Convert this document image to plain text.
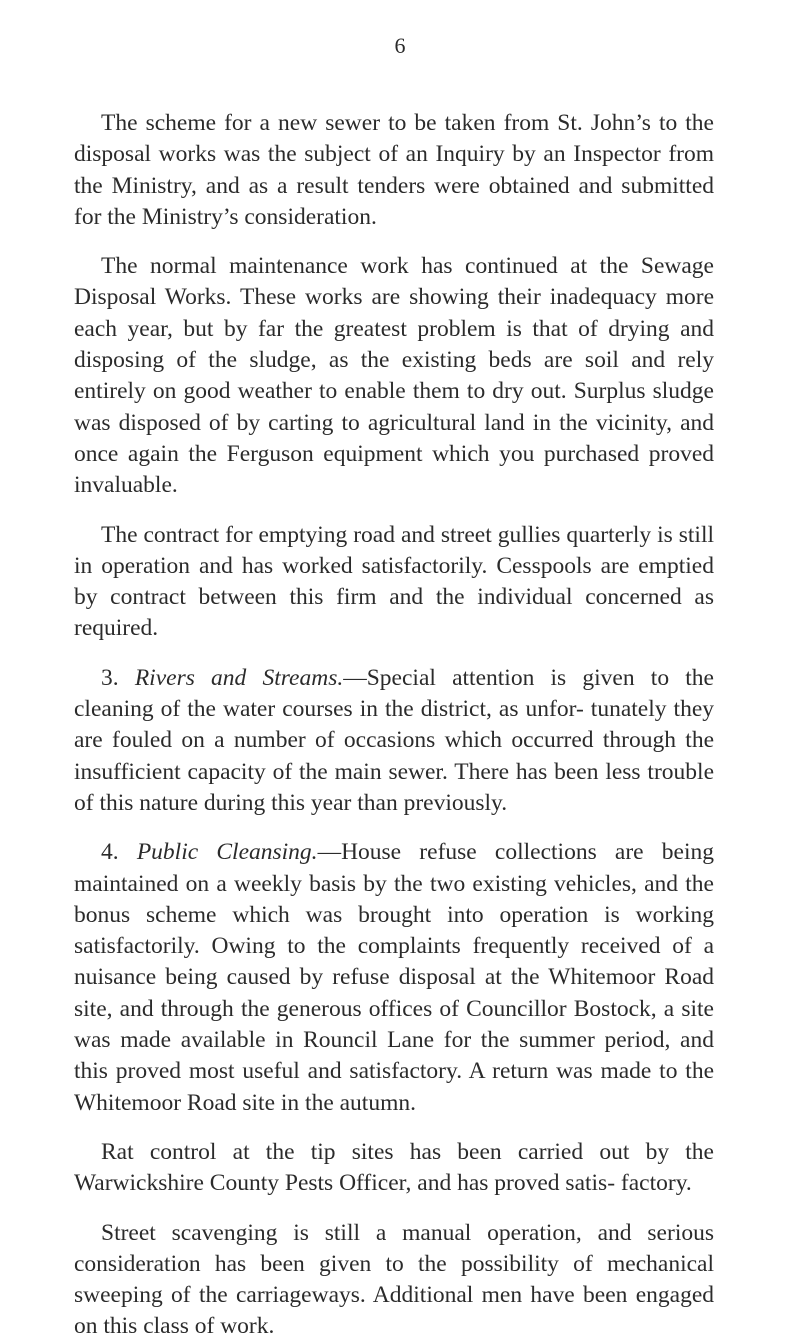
6

The scheme for a new sewer to be taken from St. John’s to the disposal works was the subject of an Inquiry by an Inspector from the Ministry, and as a result tenders were obtained and submitted for the Ministry’s consideration.

The normal maintenance work has continued at the Sewage Disposal Works. These works are showing their inadequacy more each year, but by far the greatest problem is that of drying and disposing of the sludge, as the existing beds are soil and rely entirely on good weather to enable them to dry out. Surplus sludge was disposed of by carting to agricultural land in the vicinity, and once again the Ferguson equipment which you purchased proved invaluable.

The contract for emptying road and street gullies quarterly is still in operation and has worked satisfactorily. Cesspools are emptied by contract between this firm and the individual concerned as required.

3. Rivers and Streams.—Special attention is given to the cleaning of the water courses in the district, as unfor- tunately they are fouled on a number of occasions which occurred through the insufficient capacity of the main sewer. There has been less trouble of this nature during this year than previously.

4. Public Cleansing.—House refuse collections are being maintained on a weekly basis by the two existing vehicles, and the bonus scheme which was brought into operation is working satisfactorily. Owing to the complaints frequently received of a nuisance being caused by refuse disposal at the Whitemoor Road site, and through the generous offices of Councillor Bostock, a site was made available in Rouncil Lane for the summer period, and this proved most useful and satisfactory. A return was made to the Whitemoor Road site in the autumn.

Rat control at the tip sites has been carried out by the Warwickshire County Pests Officer, and has proved satis- factory.

Street scavenging is still a manual operation, and serious consideration has been given to the possibility of mechanical sweeping of the carriageways. Additional men have been engaged on this class of work.
